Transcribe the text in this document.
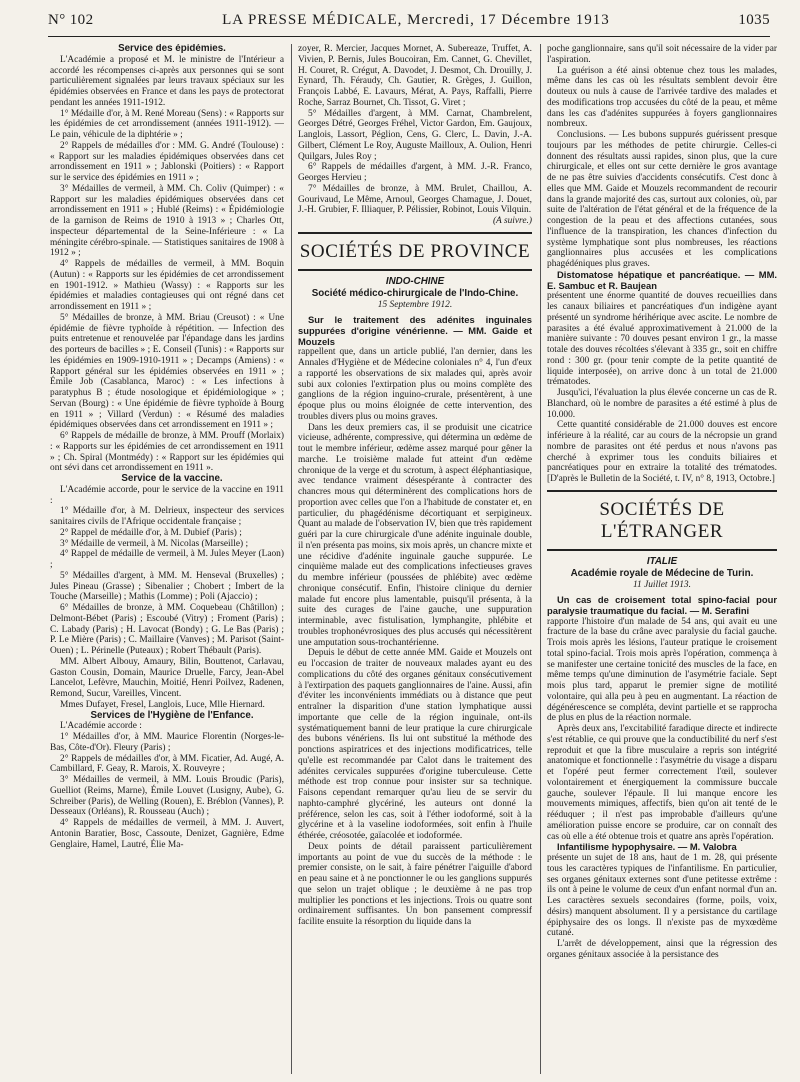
N° 102	LA PRESSE MÉDICALE, Mercredi, 17 Décembre 1913	1035

Service des épidémies.

L'Académie a proposé et M. le ministre de l'Intérieur a accordé les récompenses ci-après aux personnes qui se sont particulièrement signalées par leurs travaux spéciaux sur les épidémies observées en France et dans les pays de protectorat pendant les années 1911-1912.

1° Médaille d'or, à M. René Moreau (Sens) : « Rapports sur les épidémies de cet arrondissement (années 1911-1912). — Le pain, véhicule de la diphtérie » ;

2° Rappels de médailles d'or : MM. G. André (Toulouse) : « Rapport sur les maladies épidémiques observées dans cet arrondissement en 1911 » ; Jablonski (Poitiers) : « Rapport sur le service des épidémies en 1911 » ;

3° Médailles de vermeil, à MM. Ch. Coliv (Quimper) : « Rapport sur les maladies épidémiques observées dans cet arrondissement en 1911 » ; Hublé (Reims) : « Épidémiologie de la garnison de Reims de 1910 à 1913 » ; Charles Ott, inspecteur départemental de la Seine-Inférieure : « La méningite cérébro-spinale. — Statistiques sanitaires de 1908 à 1912 » ;

4° Rappels de médailles de vermeil, à MM. Boquin (Autun) : « Rapports sur les épidémies de cet arrondissement en 1901-1912. » Mathieu (Wassy) : « Rapports sur les épidémies et maladies contagieuses qui ont régné dans cet arrondissement en 1911 » ;

5° Médailles de bronze, à MM. Briau (Creusot) : « Une épidémie de fièvre typhoïde à répétition. — Infection des puits entretenue et renouvelée par l'épandage dans les jardins des porteurs de bacilles » ; E. Conseil (Tunis) : « Rapports sur les épidémies en 1909-1910-1911 » ; Decamps (Amiens) : « Rapport général sur les épidémies observées en 1911 » ; Émile Job (Casablanca, Maroc) : « Les infections à paratyphus B ; étude nosologique et épidémiologique » ; Servan (Bourg) : « Une épidémie de fièvre typhoïde à Bourg en 1911 » ; Villard (Verdun) : « Résumé des maladies épidémiques observées dans cet arrondissement en 1911 » ;

6° Rappels de médaille de bronze, à MM. Prouff (Morlaix) : « Rapports sur les épidémies de cet arrondissement en 1911 » ; Ch. Spiral (Montmédy) : « Rapport sur les épidémies qui ont sévi dans cet arrondissement en 1911 ».

Service de la vaccine.

L'Académie accorde, pour le service de la vaccine en 1911 :

1° Médaille d'or, à M. Delrieux, inspecteur des services sanitaires civils de l'Afrique occidentale française ;

2° Rappel de médaille d'or, à M. Dubief (Paris) ;

3° Médaille de vermeil, à M. Nicolas (Marseille) ;

4° Rappel de médaille de vermeil, à M. Jules Meyer (Laon) ;

5° Médailles d'argent, à MM. M. Henseval (Bruxelles) ; Jules Pineau (Grasse) ; Sibenalier ; Chobert ; Imbert de la Touche (Marseille) ; Mathis (Lomme) ; Poli (Ajaccio) ;

6° Médailles de bronze, à MM. Coquebeau (Châtillon) ; Delmont-Bébet (Paris) ; Escoubé (Vitry) ; Froment (Paris) ; C. Labady (Paris) ; H. Lavocat (Bondy) ; G. Le Bas (Paris) ; P. Le Mière (Paris) ; C. Maillaire (Vanves) ; M. Parisot (Saint-Ouen) ; L. Périnelle (Puteaux) ; Robert Thébault (Paris).

MM. Albert Albouy, Amaury, Bilin, Bouttenot, Carlavau, Gaston Cousin, Domain, Maurice Druelle, Farcy, Jean-Abel Lancelot, Lefèvre, Mauchin, Moitié, Henri Poilvez, Radenen, Remond, Sucur, Vareilles, Vincent.

Mmes Dufayet, Fresel, Langlois, Luce, Mlle Hiernard.

Services de l'Hygiène de l'Enfance.

L'Académie accorde :

1° Médailles d'or, à MM. Maurice Florentin (Norges-le-Bas, Côte-d'Or). Fleury (Paris) ;

2° Rappels de médailles d'or, à MM. Ficatier, Ad. Augé, A. Cambillard, F. Geay, R. Marois, X. Rouveyre ;

3° Médailles de vermeil, à MM. Louis Broudic (Paris), Guelliot (Reims, Marne), Émile Louvet (Lusigny, Aube), G. Schreiber (Paris), de Welling (Rouen), E. Bréblon (Vannes), P. Desseaux (Orléans), R. Rousseau (Auch) ;

4° Rappels de médailles de vermeil, à MM. J. Auvert, Antonin Baratier, Bosc, Cassoute, Denizet, Gagnière, Edme Genglaire, Hamel, Lautré, Élie Ma-

zoyer, R. Mercier, Jacques Mornet, A. Subereaze, Truffet, A. Vivien, P. Bernis, Jules Boucoiran, Em. Cannet, G. Chevillet, H. Couret, R. Crégut, A. Davodet, J. Desmot, Ch. Drouilly, J. Eynard, Th. Féraudy, Ch. Gautier, R. Grèges, J. Guillon, François Labbé, E. Lavaurs, Mérat, A. Pays, Raffalli, Pierre Roche, Sarraz Bournet, Ch. Tissot, G. Viret ;

5° Médailles d'argent, à MM. Carnat, Chambrelent, Georges Détré, Georges Fréhel, Victor Gardon, Em. Gaujoux, Langlois, Lassort, Péglion, Cens, G. Clerc, L. Davin, J.-A. Gilbert, Clément Le Roy, Auguste Mailloux, A. Oulion, Henri Quilgars, Jules Roy ;

6° Rappels de médailles d'argent, à MM. J.-R. Franco, Georges Hervieu ;

7° Médailles de bronze, à MM. Brulet, Chaillou, A. Gourivaud, Le Même, Arnoul, Georges Chamague, J. Douet, J.-H. Grubier, F. Illiaquer, P. Pélissier, Robinot, Louis Vilquin.

(A suivre.)

SOCIÉTÉS DE PROVINCE
INDO-CHINE
Société médico-chirurgicale de l'Indo-Chine.
15 Septembre 1912.

Sur le traitement des adénites inguinales suppurées d'origine vénérienne. — MM. Gaide et Mouzels

rappellent que, dans un article publié, l'an dernier, dans les Annales d'Hygiène et de Médecine coloniales n° 4, l'un d'eux a rapporté les observations de six malades qui, après avoir subi aux colonies l'extirpation plus ou moins complète des ganglions de la région inguino-crurale, présentèrent, à une époque plus ou moins éloignée de cette intervention, des troubles divers plus ou moins graves.

Dans les deux premiers cas, il se produisit une cicatrice vicieuse, adhérente, compressive, qui détermina un œdème de tout le membre inférieur, œdème assez marqué pour gêner la marche. Le troisième malade fut atteint d'un œdème chronique de la verge et du scrotum, à aspect éléphantiasique, avec tendance vraiment désespérante à contracter des chancres mous qui déterminèrent des complications hors de proportion avec celles que l'on a l'habitude de constater et, en particulier, du phagédénisme décortiquant et serpigineux. Quant au malade de l'observation IV, bien que très rapidement guéri par la cure chirurgicale d'une adénite inguinale double, il n'en présenta pas moins, six mois après, un chancre mixte et une récidive d'adénite inguinale gauche suppurée. Le cinquième malade eut des complications infectieuses graves du membre inférieur (poussées de phlébite) avec œdème chronique consécutif. Enfin, l'histoire clinique du dernier malade fut encore plus lamentable, puisqu'il présenta, à la suite des curages de l'aine gauche, une suppuration interminable, avec fistulisation, lymphangite, phlébite et troubles trophonévrosiques des plus accusés qui nécessitèrent une amputation sous-trochantérienne.

Depuis le début de cette année MM. Gaide et Mouzels ont eu l'occasion de traiter de nouveaux malades ayant eu des complications du côté des organes génitaux consécutivement à l'extirpation des paquets ganglionnaires de l'aine. Aussi, afin d'éviter les inconvénients immédiats ou à distance que peut entraîner la disparition d'une station lymphatique aussi importante que celle de la région inguinale, ont-ils systématiquement banni de leur pratique la cure chirurgicale des bubons vénériens. Ils lui ont substitué la méthode des ponctions aspiratrices et des injections modificatrices, telle qu'elle est recommandée par Calot dans le traitement des adénites cervicales suppurées d'origine tuberculeuse. Cette méthode est trop connue pour insister sur sa technique. Faisons cependant remarquer qu'au lieu de se servir du naphto-camphré glycériné, les auteurs ont donné la préférence, selon les cas, soit à l'éther iodoformé, soit à la glycérine et à la vaseline iodoformées, soit enfin à l'huile éthérée, créosotée, gaïacolée et iodoformée.

Deux points de détail paraissent particulièrement importants au point de vue du succès de la méthode : le premier consiste, on le sait, à faire pénétrer l'aiguille d'abord en peau saine et à ne ponctionner le ou les ganglions suppurés que selon un trajet oblique ; le deuxième à ne pas trop multiplier les ponctions et les injections. Trois ou quatre sont ordinairement suffisantes. Un bon pansement compressif facilite ensuite la résorption du liquide dans la

poche ganglionnaire, sans qu'il soit nécessaire de la vider par l'aspiration.

La guérison a été ainsi obtenue chez tous les malades, même dans les cas où les résultats semblent devoir être douteux ou nuls à cause de l'arrivée tardive des malades et des modifications trop accusées du côté de la peau, et même dans les cas d'adénites suppurées à foyers ganglionnaires nombreux.

Conclusions. — Les bubons suppurés guérissent presque toujours par les méthodes de petite chirurgie. Celles-ci donnent des résultats aussi rapides, sinon plus, que la cure chirurgicale, et elles ont sur cette dernière le gros avantage de ne pas être suivies d'accidents consécutifs. C'est donc à elles que MM. Gaide et Mouzels recommandent de recourir dans la grande majorité des cas, surtout aux colonies, où, par suite de l'altération de l'état général et de la fréquence de la congestion de la peau et des affections cutanées, sous l'influence de la transpiration, les chances d'infection du système lymphatique sont plus nombreuses, les réactions ganglionnaires plus accusées et les complications phagédéniques plus graves.

Distomatose hépatique et pancréatique. — MM. E. Sambuc et R. Baujean

présentent une énorme quantité de douves recueillies dans les canaux biliaires et pancréatiques d'un indigène ayant présenté un syndrome hérihérique avec ascite. Le nombre de parasites a été évalué approximativement à 21.000 de la manière suivante : 70 douves pesant environ 1 gr., la masse totale des douves récoltées s'élevant à 335 gr., soit en chiffre rond : 300 gr. (pour tenir compte de la petite quantité de liquide interposée), on arrive donc à un total de 21.000 trématodes.

Jusqu'ici, l'évaluation la plus élevée concerne un cas de R. Blanchard, où le nombre de parasites a été estimé à plus de 10.000.

Cette quantité considérable de 21.000 douves est encore inférieure à la réalité, car au cours de la nécropsie un grand nombre de parasites ont été perdus et nous n'avons pas cherché à exprimer tous les conduits biliaires et pancréatiques pour en extraire la totalité des trématodes. [D'après le Bulletin de la Société, t. IV, n° 8, 1913, Octobre.]

SOCIÉTÉS DE L'ÉTRANGER
ITALIE
Académie royale de Médecine de Turin.
11 Juillet 1913.

Un cas de croisement total spino-facial pour paralysie traumatique du facial. — M. Serafini

rapporte l'histoire d'un malade de 54 ans, qui avait eu une fracture de la base du crâne avec paralysie du facial gauche. Trois mois après les lésions, l'auteur pratique le croisement total spino-facial. Trois mois après l'opération, commença à se manifester une certaine tonicité des muscles de la face, en même temps qu'une diminution de l'asymétrie faciale. Sept mois plus tard, apparut le premier signe de motilité volontaire, qui alla peu à peu en augmentant. La réaction de dégénérescence se compléta, devint partielle et se rapprocha de plus en plus de la réaction normale.

Après deux ans, l'excitabilité faradique directe et indirecte s'est rétablie, ce qui prouve que la conductibilité du nerf s'est reproduit et que la fibre musculaire a repris son intégrité anatomique et fonctionnelle : l'asymétrie du visage a disparu et l'opéré peut fermer correctement l'œil, soulever volontairement et énergiquement la commissure buccale gauche, soulever l'épaule. Il lui manque encore les mouvements mimiques, affectifs, bien qu'on ait tenté de le rééduquer ; il n'est pas improbable d'ailleurs qu'une amélioration puisse encore se produire, car on connaît des cas où elle a été obtenue trois et quatre ans après l'opération.

Infantilisme hypophysaire. — M. Valobra

présente un sujet de 18 ans, haut de 1 m. 28, qui présente tous les caractères typiques de l'infantilisme. En particulier, ses organes génitaux externes sont d'une petitesse extrême : ils ont à peine le volume de ceux d'un enfant normal d'un an. Les caractères sexuels secondaires (forme, poils, voix, désirs) manquent absolument. Il y a persistance du cartilage épiphysaire des os longs. Il n'existe pas de myxœdème cutané.

L'arrêt de développement, ainsi que la régression des organes génitaux associée à la persistance des
